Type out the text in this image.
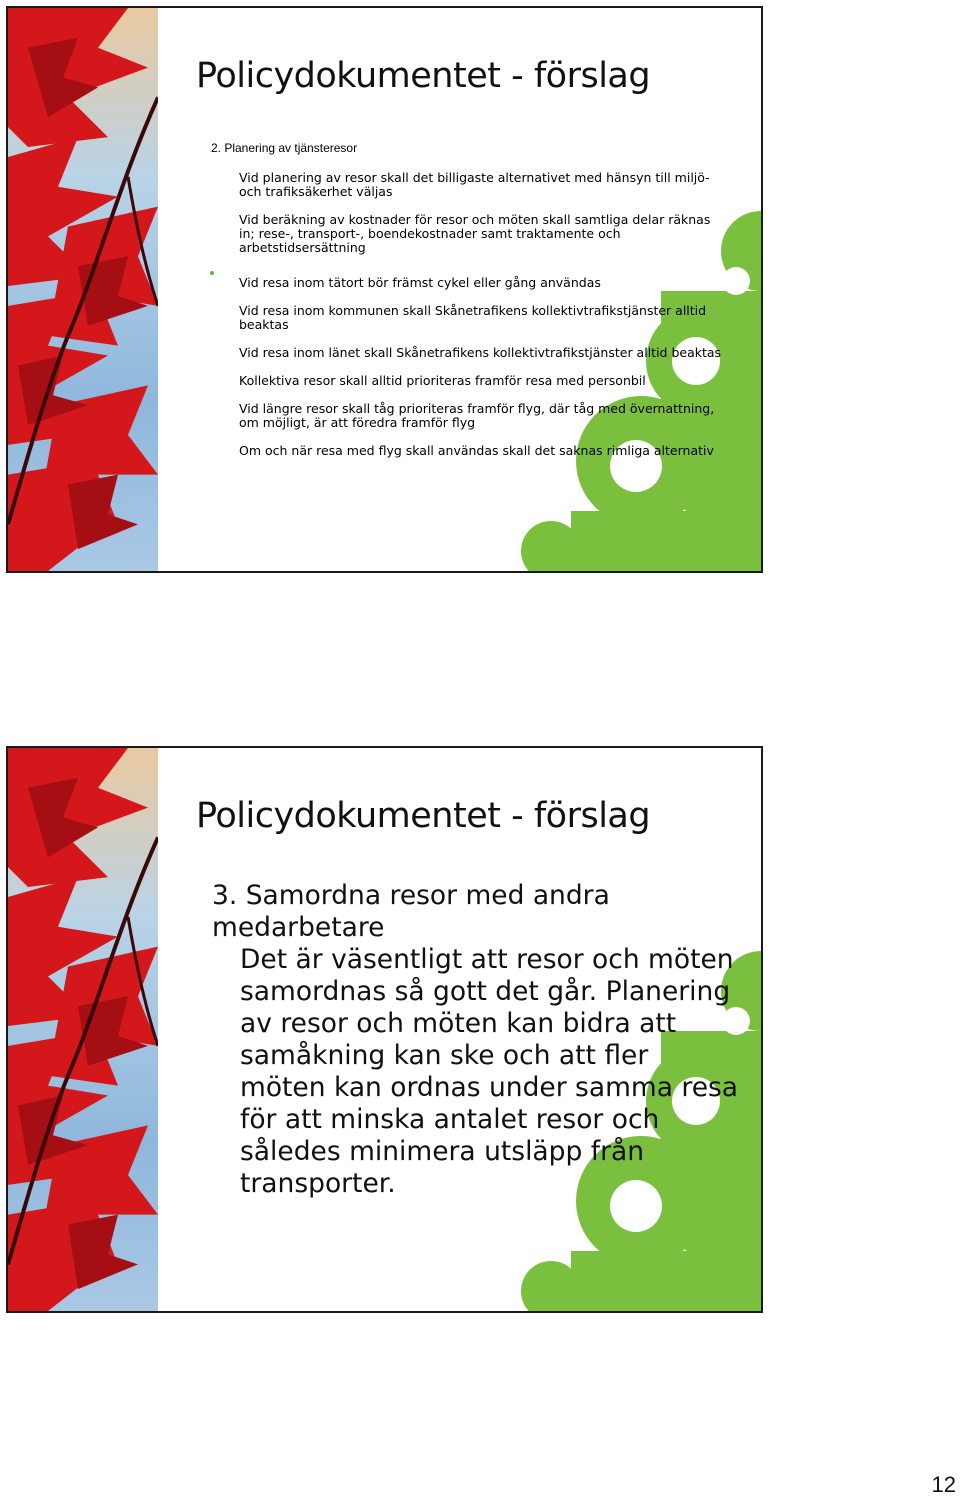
Policydokumentet - förslag
2. Planering av tjänsteresor
Vid planering av resor skall det billigaste alternativet med hänsyn till miljö- och trafiksäkerhet väljas
Vid beräkning av kostnader för resor och möten skall samtliga delar räknas in; rese-, transport-, boendekostnader samt traktamente och arbetstidsersättning
Vid resa inom tätort bör främst cykel eller gång användas
Vid resa inom kommunen skall Skånetrafikens kollektivtrafikstjänster alltid beaktas
Vid resa inom länet skall Skånetrafikens kollektivtrafikstjänster alltid beaktas
Kollektiva resor skall alltid prioriteras framför resa med personbil
Vid längre resor skall tåg prioriteras framför flyg, där tåg med övernattning, om möjligt, är att föredra framför flyg
Om och när resa med flyg skall användas skall det saknas rimliga alternativ
Policydokumentet - förslag
3. Samordna resor med andra medarbetare
Det är väsentligt att resor och möten samordnas så gott det går. Planering av resor och möten kan bidra att samåkning kan ske och att fler möten kan ordnas under samma resa för att minska antalet resor och således minimera utsläpp från transporter.
12
